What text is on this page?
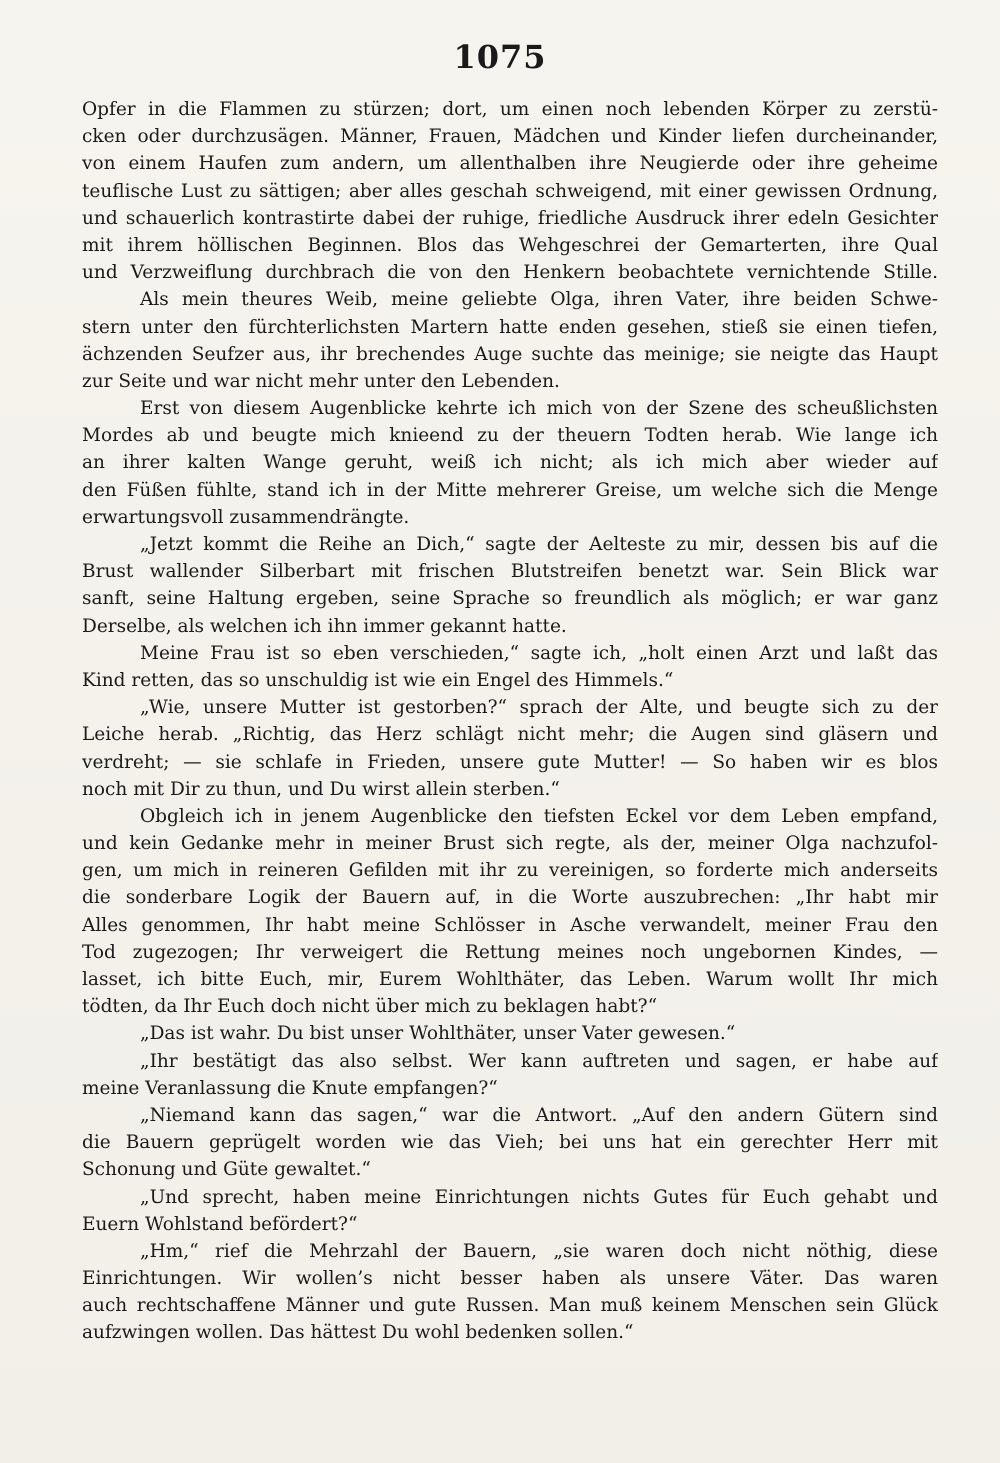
1075
Opfer in die Flammen zu stürzen; dort, um einen noch lebenden Körper zu zerstü-
cken oder durchzusägen. Männer, Frauen, Mädchen und Kinder liefen durcheinander,
von einem Haufen zum andern, um allenthalben ihre Neugierde oder ihre geheime
teuflische Lust zu sättigen; aber alles geschah schweigend, mit einer gewissen Ordnung,
und schauerlich kontrastirte dabei der ruhige, friedliche Ausdruck ihrer edeln Gesichter
mit ihrem höllischen Beginnen. Blos das Wehgeschrei der Gemarterten, ihre Qual
und Verzweiflung durchbrach die von den Henkern beobachtete vernichtende Stille.
Als mein theures Weib, meine geliebte Olga, ihren Vater, ihre beiden Schwe-
stern unter den fürchterlichsten Martern hatte enden gesehen, stieß sie einen tiefen,
ächzenden Seufzer aus, ihr brechendes Auge suchte das meinige; sie neigte das Haupt
zur Seite und war nicht mehr unter den Lebenden.
Erst von diesem Augenblicke kehrte ich mich von der Szene des scheußlichsten
Mordes ab und beugte mich knieend zu der theuern Todten herab. Wie lange ich
an ihrer kalten Wange geruht, weiß ich nicht; als ich mich aber wieder auf
den Füßen fühlte, stand ich in der Mitte mehrerer Greise, um welche sich die Menge
erwartungsvoll zusammendrängte.
„Jetzt kommt die Reihe an Dich,“ sagte der Aelteste zu mir, dessen bis auf die
Brust wallender Silberbart mit frischen Blutstreifen benetzt war. Sein Blick war
sanft, seine Haltung ergeben, seine Sprache so freundlich als möglich; er war ganz
Derselbe, als welchen ich ihn immer gekannt hatte.
Meine Frau ist so eben verschieden,“ sagte ich, „holt einen Arzt und laßt das
Kind retten, das so unschuldig ist wie ein Engel des Himmels.“
„Wie, unsere Mutter ist gestorben?“ sprach der Alte, und beugte sich zu der
Leiche herab. „Richtig, das Herz schlägt nicht mehr; die Augen sind gläsern und
verdreht; — sie schlafe in Frieden, unsere gute Mutter! — So haben wir es blos
noch mit Dir zu thun, und Du wirst allein sterben.“
Obgleich ich in jenem Augenblicke den tiefsten Eckel vor dem Leben empfand,
und kein Gedanke mehr in meiner Brust sich regte, als der, meiner Olga nachzufol-
gen, um mich in reineren Gefilden mit ihr zu vereinigen, so forderte mich anderseits
die sonderbare Logik der Bauern auf, in die Worte auszubrechen: „Ihr habt mir
Alles genommen, Ihr habt meine Schlösser in Asche verwandelt, meiner Frau den
Tod zugezogen; Ihr verweigert die Rettung meines noch ungebornen Kindes, —
lasset, ich bitte Euch, mir, Eurem Wohlthäter, das Leben. Warum wollt Ihr mich
tödten, da Ihr Euch doch nicht über mich zu beklagen habt?“
„Das ist wahr. Du bist unser Wohlthäter, unser Vater gewesen.“
„Ihr bestätigt das also selbst. Wer kann auftreten und sagen, er habe auf
meine Veranlassung die Knute empfangen?“
„Niemand kann das sagen,“ war die Antwort. „Auf den andern Gütern sind
die Bauern geprügelt worden wie das Vieh; bei uns hat ein gerechter Herr mit
Schonung und Güte gewaltet.“
„Und sprecht, haben meine Einrichtungen nichts Gutes für Euch gehabt und
Euern Wohlstand befördert?“
„Hm,“ rief die Mehrzahl der Bauern, „sie waren doch nicht nöthig, diese
Einrichtungen. Wir wollen’s nicht besser haben als unsere Väter. Das waren
auch rechtschaffene Männer und gute Russen. Man muß keinem Menschen sein Glück
aufzwingen wollen. Das hättest Du wohl bedenken sollen.“
